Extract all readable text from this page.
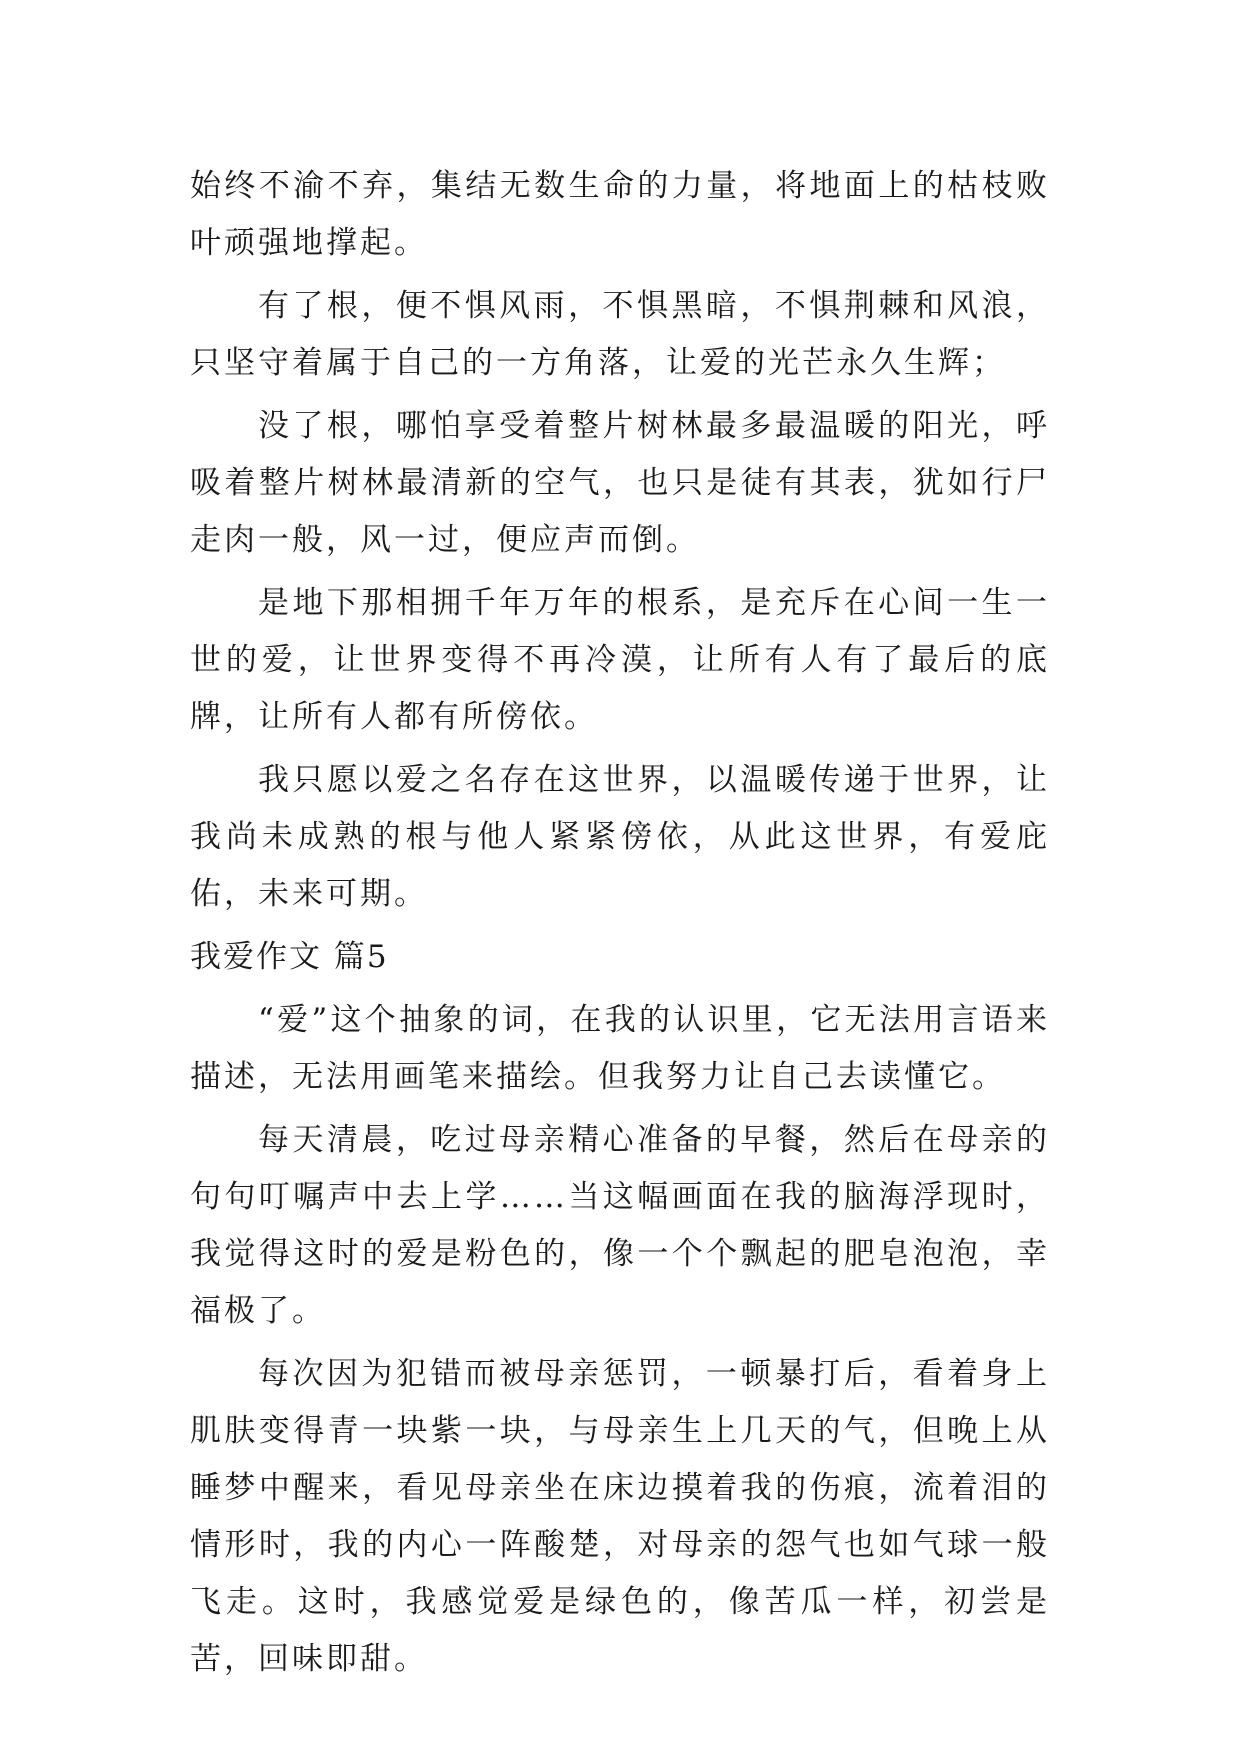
始终不渝不弃，集结无数生命的力量，将地面上的枯枝败叶顽强地撑起。

有了根，便不惧风雨，不惧黑暗，不惧荆棘和风浪，只坚守着属于自己的一方角落，让爱的光芒永久生辉；

没了根，哪怕享受着整片树林最多最温暖的阳光，呼吸着整片树林最清新的空气，也只是徒有其表，犹如行尸走肉一般，风一过，便应声而倒。

是地下那相拥千年万年的根系，是充斥在心间一生一世的爱，让世界变得不再冷漠，让所有人有了最后的底牌，让所有人都有所傍依。

我只愿以爱之名存在这世界，以温暖传递于世界，让我尚未成熟的根与他人紧紧傍依，从此这世界，有爱庇佑，未来可期。

我爱作文 篇5

“爱”这个抽象的词，在我的认识里，它无法用言语来描述，无法用画笔来描绘。但我努力让自己去读懂它。

每天清晨，吃过母亲精心准备的早餐，然后在母亲的句句叮嘱声中去上学……当这幅画面在我的脑海浮现时，我觉得这时的爱是粉色的，像一个个飘起的肥皂泡泡，幸福极了。

每次因为犯错而被母亲惩罚，一顿暴打后，看着身上肌肤变得青一块紫一块，与母亲生上几天的气，但晚上从睡梦中醒来，看见母亲坐在床边摸着我的伤痕，流着泪的情形时，我的内心一阵酸楚，对母亲的怨气也如气球一般飞走。这时，我感觉爱是绿色的，像苦瓜一样，初尝是苦，回味即甜。
